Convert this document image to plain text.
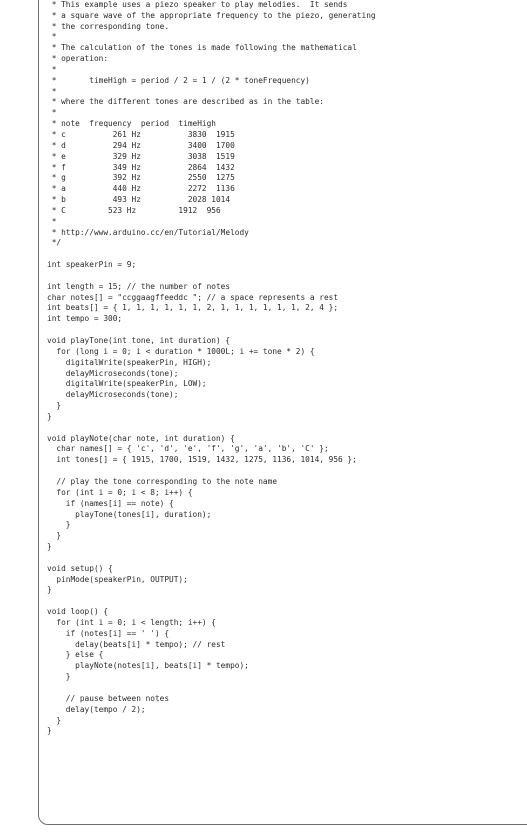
* This example uses a piezo speaker to play melodies.  It sends
* a square wave of the appropriate frequency to the piezo, generating
* the corresponding tone.
*
* The calculation of the tones is made following the mathematical
* operation:
*
*       timeHigh = period / 2 = 1 / (2 * toneFrequency)
*
* where the different tones are described as in the table:
*
* note  frequency  period  timeHigh
* c          261 Hz          3830  1915
* d          294 Hz          3400  1700
* e          329 Hz          3038  1519
* f          349 Hz          2864  1432
* g          392 Hz          2550  1275
* a          440 Hz          2272  1136
* b          493 Hz          2028 1014
* C         523 Hz         1912  956
*
* http://www.arduino.cc/en/Tutorial/Melody
*/
int speakerPin = 9;
int length = 15; // the number of notes
char notes[] = "ccggaagffeeddc "; // a space represents a rest
int beats[] = { 1, 1, 1, 1, 1, 1, 2, 1, 1, 1, 1, 1, 1, 2, 4 };
int tempo = 300;
void playTone(int tone, int duration) {
for (long i = 0; i < duration * 1000L; i += tone * 2) {
digitalWrite(speakerPin, HIGH);
delayMicroseconds(tone);
digitalWrite(speakerPin, LOW);
delayMicroseconds(tone);
}
}
void playNote(char note, int duration) {
char names[] = { 'c', 'd', 'e', 'f', 'g', 'a', 'b', 'C' };
int tones[] = { 1915, 1700, 1519, 1432, 1275, 1136, 1014, 956 };
// play the tone corresponding to the note name
for (int i = 0; i < 8; i++) {
if (names[i] == note) {
playTone(tones[i], duration);
}
}
}
void setup() {
pinMode(speakerPin, OUTPUT);
}
void loop() {
for (int i = 0; i < length; i++) {
if (notes[i] == ' ') {
delay(beats[i] * tempo); // rest
} else {
playNote(notes[i], beats[i] * tempo);
}
// pause between notes
delay(tempo / 2);
}
}
